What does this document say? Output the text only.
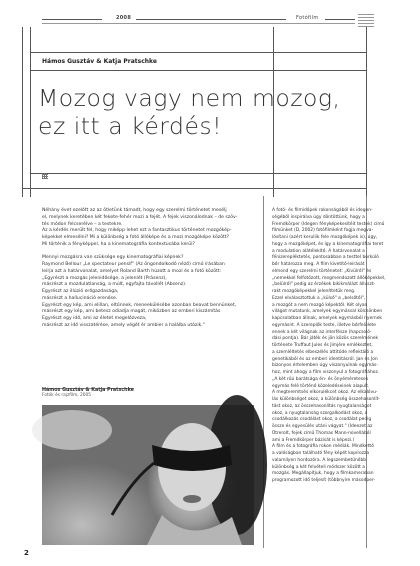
2008	Fotófilm
Hámos Gusztáv & Katja Pratschke
Mozog vagy nem mozog,
ez itt a kérdés!
Néhány évet ezelőtt az az ötletünk támadt, hogy egy szerelmi történetet mesélj
el, melynek keretében két fekete-fehér mozi a fejét. A fejek viszonálodnak – de szöv-
tés módon felcserélve – a testekre.
Az a kérdés merült fel, hogy miképp lehet ezt a fantasztikus történetet mozgókép-
képekkel elmesélni? Mi a különbség a fotó állóképe és a mozi mozgóképe között?
Mi történik a fényképpel, ha a kinematográfia kontextusába kerül?

Mennyi mozgásra van szüksége egy kinematográfiai képnek?
Raymond Bellour „Le spectateur pensif" (Az öngondolkodó néző) című írásában
leírja azt a határvonalat, amelyet Roland Barth húzott a mozi és a fotó között:
„Egyrészt a mozgás jelenidősége, a jelenlét (Präsenz),
másrészt a mozdulatlanság, a múlt, egyfajta távollét (Absenz).
Egyrészt az illúzió erőgazdasága,
másrészt a hallucináció erenőse.
Egyrészt egy kép, ami elillan, eltűnnek, meneekülésébe azonban beavat bennünket,
másrészt egy kép, ami betesz odiadja magát, miközben az emberi kiszámítás
Egyrészt egy idő, ami az életet megelőzveza,
másrészt az idő visszatérése, amely végét ér ambier a halálba utózik."
Hámos Gusztáv & Katja Pratschke
Fotók és rajzfilm, 2005
A fotó- és filmidőpek rokonságából és idegen-
ségéből inspirálva úgy döntöttünk, hogy a
Fremdkörper (Idegen fényképekesítéit testek) című
filmünket (D, 2002) fotófilmként fogja megva-
lósítani (azért keruliik fele mozgóképek is), úgy,
hogy a mozgóképet, és így a kínematográfiai teret
a modulation alátélekítő. A határvonalat a
fénizerepléktetés, pontosabban a testtel borkúló
bőr határozza meg. A film kivetítő-leírását
elmond egy szerelmi történetet: „Kívülről" és
„nemekkel felfotózott, megmendozott állóképekkel,
„belülről" pedig az érzékek bikikmálázt álluszt-
rakt mozgóképekkel jeleníttetük meg.
Ezzel elválasztottuk a „külső" a „belsőtől",
a mozgót a nem mozgó képektől. Két olyan
világot mutatunk, amelyek egymással kölcsönben
kapcsolatban állnak, amelyek egymásból nyernek
egymásnt. A szereplők teste, illetve bőrfelülete
ennek a két világnak az interfésze (hapcsoló-
dási pontja). Bár játék és jön közös szerelmének
története Truffaut Jules és Jimjére emlékeztet,
a szemléltetés elbeszélés attitűde reflektáló a
genetikából és az emberi identitásról. Jan és Jon
bizonyos értelemben úgy viszonyulnak egymás-
hoz, mint ahogy a film viszonyul a fotográfiához.
„A két rűú barátsága én- és önyéméretesek
egymás felé történő közeledéseinek alapult.
A megteremtsés elkorulékcet okoz. Az elkalóvu-
lás különbséget okoz, a különbség összehasonlít-
tást okoz, az összehasonlítás nyugtalanságot
okoz, a nyugtalanság szorgalkodást okoz, a
csodálkozás csodálást okoz, a csodálat pedig
össze és egyesülés utáni vágyat." (Ideezet az
Ütrerolt, fejek című Thomas Mann-novellából
ami a Fremdkörper bázisát is képezi.)
A film és a fotográfia rokon médiák. Mindkettő
a valóságban található fény képét kopírozza
valamilyen hordozóra. A legszembetűnőbb
különbség a két felvételi módszer között a
mozgás. Megállapítjuk, hogy a filmkameraban
programozott idő teljesít (többnyire másodper-
2
